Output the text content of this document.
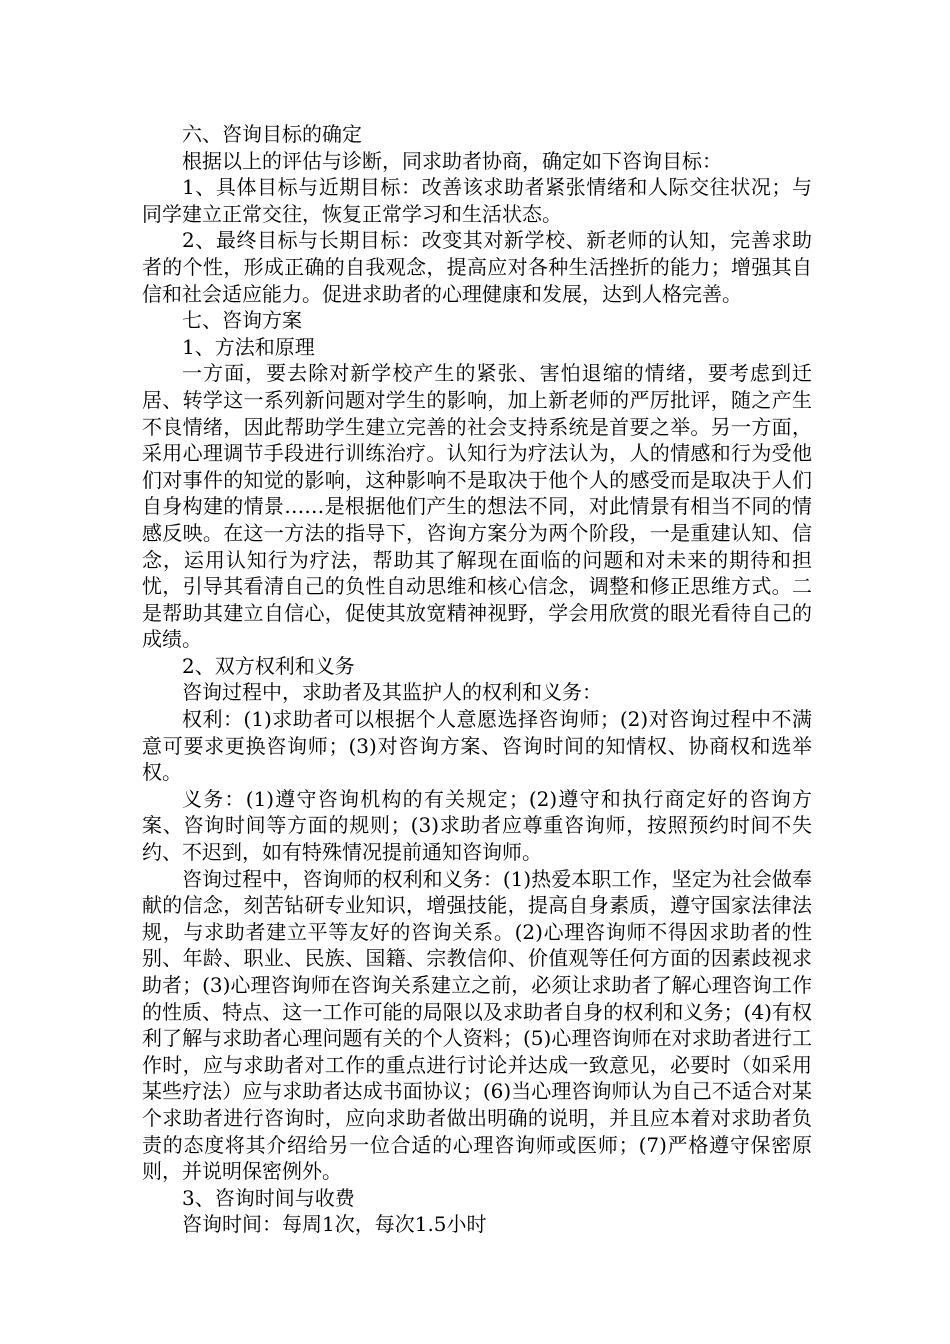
六、咨询目标的确定

根据以上的评估与诊断，同求助者协商，确定如下咨询目标：

1、具体目标与近期目标：改善该求助者紧张情绪和人际交往状况；与同学建立正常交往，恢复正常学习和生活状态。

2、最终目标与长期目标：改变其对新学校、新老师的认知，完善求助者的个性，形成正确的自我观念，提高应对各种生活挫折的能力；增强其自信和社会适应能力。促进求助者的心理健康和发展，达到人格完善。

七、咨询方案

1、方法和原理

一方面，要去除对新学校产生的紧张、害怕退缩的情绪，要考虑到迁居、转学这一系列新问题对学生的影响，加上新老师的严厉批评，随之产生不良情绪，因此帮助学生建立完善的社会支持系统是首要之举。另一方面，采用心理调节手段进行训练治疗。认知行为疗法认为，人的情感和行为受他们对事件的知觉的影响，这种影响不是取决于他个人的感受而是取决于人们自身构建的情景……是根据他们产生的想法不同，对此情景有相当不同的情感反映。在这一方法的指导下，咨询方案分为两个阶段，一是重建认知、信念，运用认知行为疗法，帮助其了解现在面临的问题和对未来的期待和担忧，引导其看清自己的负性自动思维和核心信念，调整和修正思维方式。二是帮助其建立自信心，促使其放宽精神视野，学会用欣赏的眼光看待自己的成绩。

2、双方权利和义务

咨询过程中，求助者及其监护人的权利和义务：

权利：(1)求助者可以根据个人意愿选择咨询师；(2)对咨询过程中不满意可要求更换咨询师；(3)对咨询方案、咨询时间的知情权、协商权和选举权。

义务：(1)遵守咨询机构的有关规定；(2)遵守和执行商定好的咨询方案、咨询时间等方面的规则；(3)求助者应尊重咨询师，按照预约时间不失约、不迟到，如有特殊情况提前通知咨询师。

咨询过程中，咨询师的权利和义务：(1)热爱本职工作，坚定为社会做奉献的信念，刻苦钻研专业知识，增强技能，提高自身素质，遵守国家法律法规，与求助者建立平等友好的咨询关系。(2)心理咨询师不得因求助者的性别、年龄、职业、民族、国籍、宗教信仰、价值观等任何方面的因素歧视求助者；(3)心理咨询师在咨询关系建立之前，必须让求助者了解心理咨询工作的性质、特点、这一工作可能的局限以及求助者自身的权利和义务；(4)有权利了解与求助者心理问题有关的个人资料；(5)心理咨询师在对求助者进行工作时，应与求助者对工作的重点进行讨论并达成一致意见，必要时（如采用某些疗法）应与求助者达成书面协议；(6)当心理咨询师认为自己不适合对某个求助者进行咨询时，应向求助者做出明确的说明，并且应本着对求助者负责的态度将其介绍给另一位合适的心理咨询师或医师；(7)严格遵守保密原则，并说明保密例外。

3、咨询时间与收费

咨询时间：每周1次，每次1.5小时
